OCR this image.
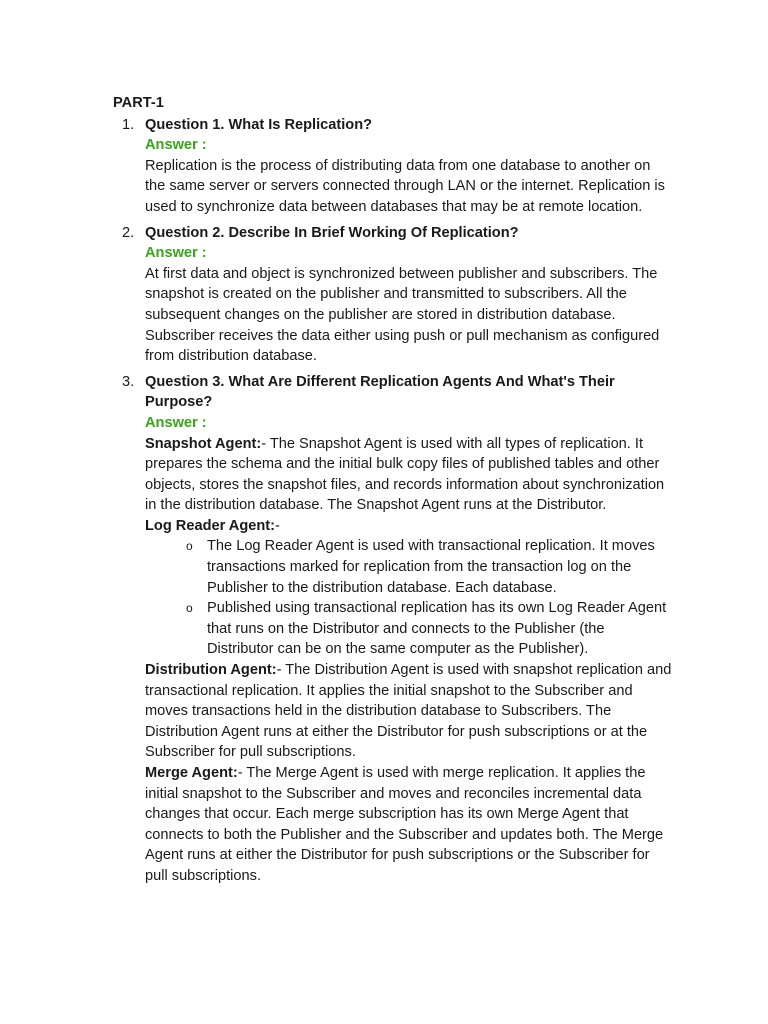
PART-1
1. Question 1. What Is Replication?
Answer :

Replication is the process of distributing data from one database to another on the same server or servers connected through LAN or the internet. Replication is used to synchronize data between databases that may be at remote location.

2. Question 2. Describe In Brief Working Of Replication?
Answer :

At first data and object is synchronized between publisher and subscribers. The snapshot is created on the publisher and transmitted to subscribers. All the subsequent changes on the publisher are stored in distribution database. Subscriber receives the data either using push or pull mechanism as configured from distribution database.

3. Question 3. What Are Different Replication Agents And What's Their Purpose?
Answer :

Snapshot Agent:- The Snapshot Agent is used with all types of replication. It prepares the schema and the initial bulk copy files of published tables and other objects, stores the snapshot files, and records information about synchronization in the distribution database. The Snapshot Agent runs at the Distributor.

Log Reader Agent:-

o The Log Reader Agent is used with transactional replication. It moves transactions marked for replication from the transaction log on the Publisher to the distribution database. Each database.
o Published using transactional replication has its own Log Reader Agent that runs on the Distributor and connects to the Publisher (the Distributor can be on the same computer as the Publisher).

Distribution Agent:- The Distribution Agent is used with snapshot replication and transactional replication. It applies the initial snapshot to the Subscriber and moves transactions held in the distribution database to Subscribers. The Distribution Agent runs at either the Distributor for push subscriptions or at the Subscriber for pull subscriptions.

Merge Agent:- The Merge Agent is used with merge replication. It applies the initial snapshot to the Subscriber and moves and reconciles incremental data changes that occur. Each merge subscription has its own Merge Agent that connects to both the Publisher and the Subscriber and updates both. The Merge Agent runs at either the Distributor for push subscriptions or the Subscriber for pull subscriptions.
